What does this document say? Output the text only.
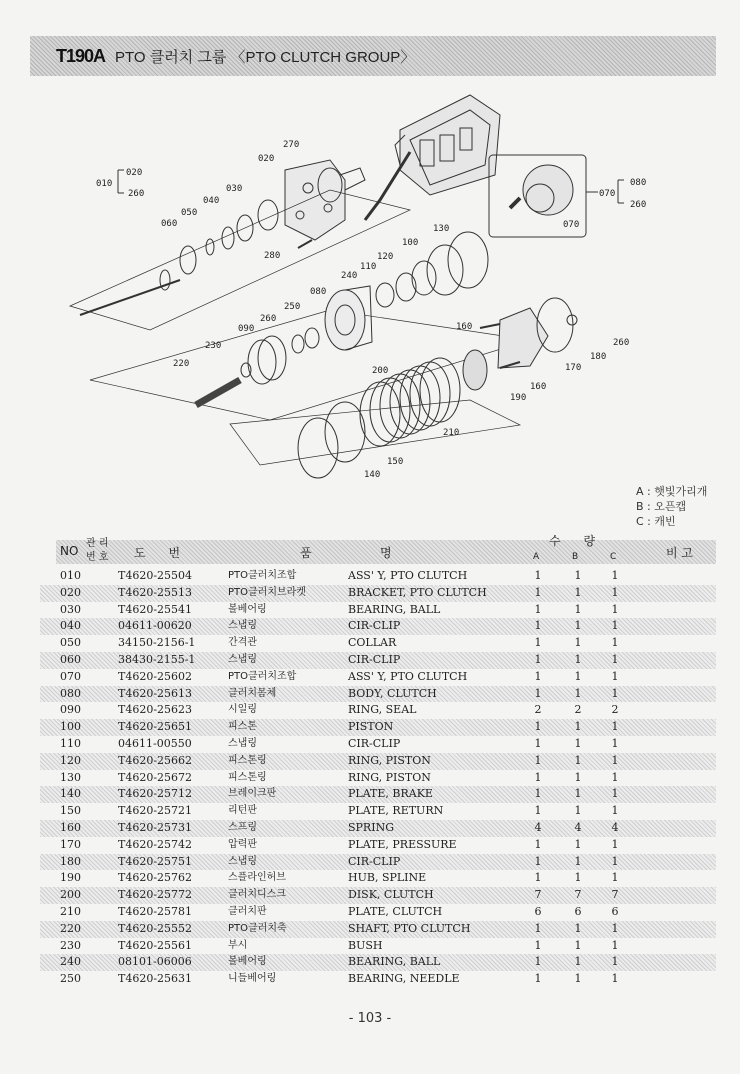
T190A PTO 클러치 그룹 〈PTO CLUTCH GROUP〉
010
020
260
020
270
030
040
050
060
280
130
100
120
110
240
080
250
260
090
230
220
160
260
180
170
160
190
200
210
150
140
070
080
260
070
A : 햇빛가리개
B : 오픈캡
C : 캐빈
NO
관 리
번 호 도      번	품	명
수      량
A	B	C	비 고
010	T4620-25504	PTO클러치조합	ASS' Y, PTO CLUTCH	1	1	1
020	T4620-25513	PTO클러치브라켓	BRACKET, PTO CLUTCH	1	1	1
030	T4620-25541	볼베어링	BEARING, BALL	1	1	1
040	04611-00620	스냅링	CIR-CLIP	1	1	1
050	34150-2156-1	간격관	COLLAR	1	1	1
060	38430-2155-1	스냅링	CIR-CLIP	1	1	1
070	T4620-25602	PTO클러치조합	ASS' Y, PTO CLUTCH	1	1	1
080	T4620-25613	클러치몸체	BODY, CLUTCH	1	1	1
090	T4620-25623	시일링	RING, SEAL	2	2	2
100	T4620-25651	피스톤	PISTON	1	1	1
110	04611-00550	스냅링	CIR-CLIP	1	1	1
120	T4620-25662	피스톤링	RING, PISTON	1	1	1
130	T4620-25672	피스톤링	RING, PISTON	1	1	1
140	T4620-25712	브레이크판	PLATE, BRAKE	1	1	1
150	T4620-25721	리턴판	PLATE, RETURN	1	1	1
160	T4620-25731	스프링	SPRING	4	4	4
170	T4620-25742	압력판	PLATE, PRESSURE	1	1	1
180	T4620-25751	스냅링	CIR-CLIP	1	1	1
190	T4620-25762	스플라인허브	HUB, SPLINE	1	1	1
200	T4620-25772	클러치디스크	DISK, CLUTCH	7	7	7
210	T4620-25781	클러치판	PLATE, CLUTCH	6	6	6
220	T4620-25552	PTO클러치축	SHAFT, PTO CLUTCH	1	1	1
230	T4620-25561	부시	BUSH	1	1	1
240	08101-06006	볼베어링	BEARING, BALL	1	1	1
250	T4620-25631	니들베어링	BEARING, NEEDLE	1	1	1
- 103 -
